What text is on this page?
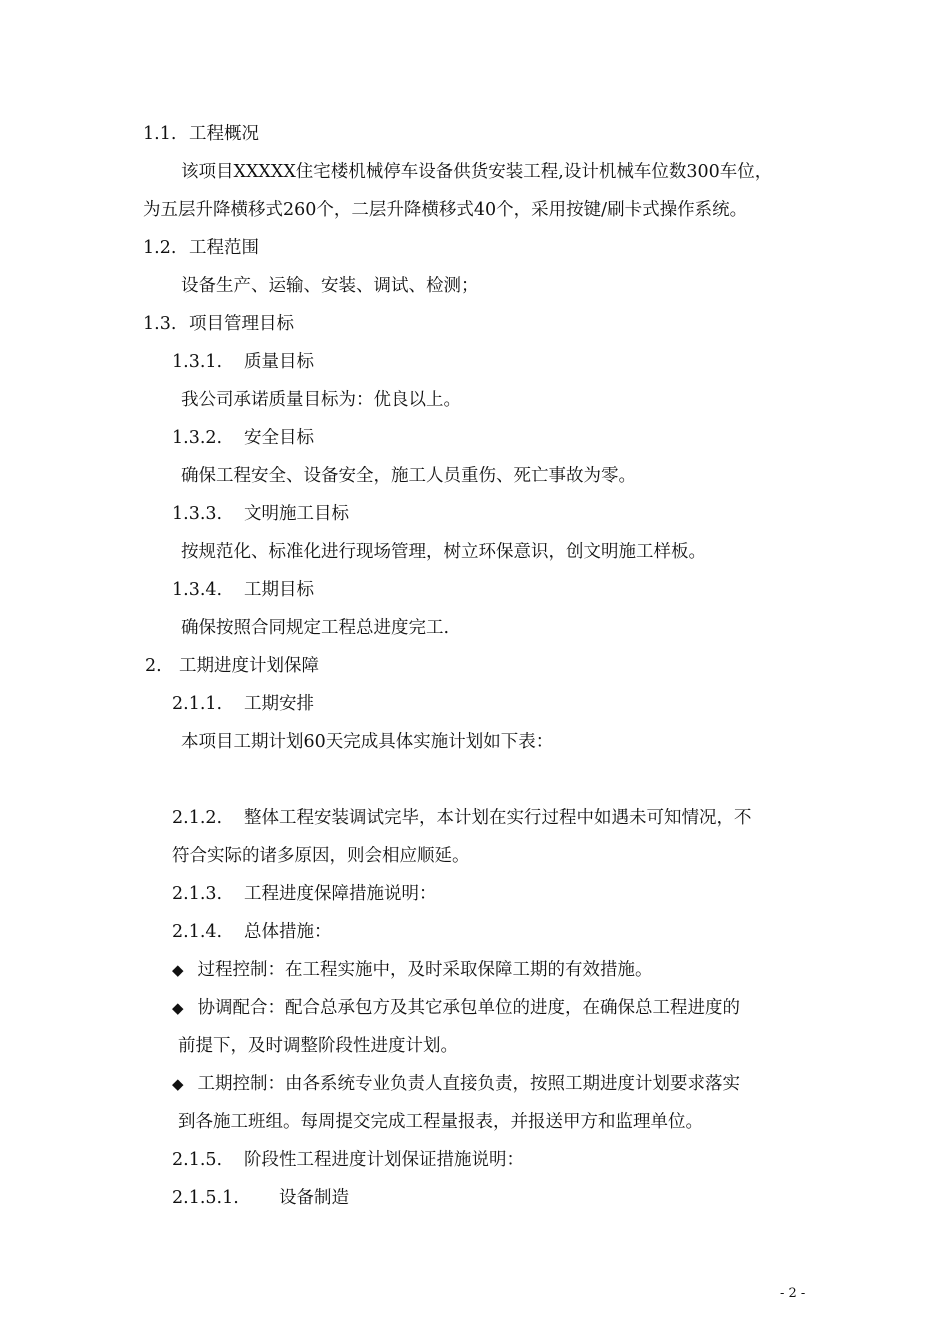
1.1. 工程概况
该项目XXXXX住宅楼机械停车设备供货安装工程,设计机械车位数300车位，
为五层升降横移式260个，二层升降横移式40个，采用按键/刷卡式操作系统。
1.2. 工程范围
设备生产、运输、安装、调试、检测；
1.3. 项目管理目标
1.3.1. 质量目标
我公司承诺质量目标为：优良以上。
1.3.2. 安全目标
确保工程安全、设备安全，施工人员重伤、死亡事故为零。
1.3.3. 文明施工目标
按规范化、标准化进行现场管理，树立环保意识，创文明施工样板。
1.3.4. 工期目标
确保按照合同规定工程总进度完工.
2. 工期进度计划保障
2.1.1. 工期安排
本项目工期计划60天完成具体实施计划如下表：
2.1.2. 整体工程安装调试完毕，本计划在实行过程中如遇未可知情况，不
符合实际的诸多原因，则会相应顺延。
2.1.3. 工程进度保障措施说明：
2.1.4. 总体措施：
◆ 过程控制：在工程实施中，及时采取保障工期的有效措施。
◆ 协调配合：配合总承包方及其它承包单位的进度，在确保总工程进度的
前提下，及时调整阶段性进度计划。
◆ 工期控制：由各系统专业负责人直接负责，按照工期进度计划要求落实
到各施工班组。每周提交完成工程量报表，并报送甲方和监理单位。
2.1.5. 阶段性工程进度计划保证措施说明：
2.1.5.1. 设备制造
- 2 -
